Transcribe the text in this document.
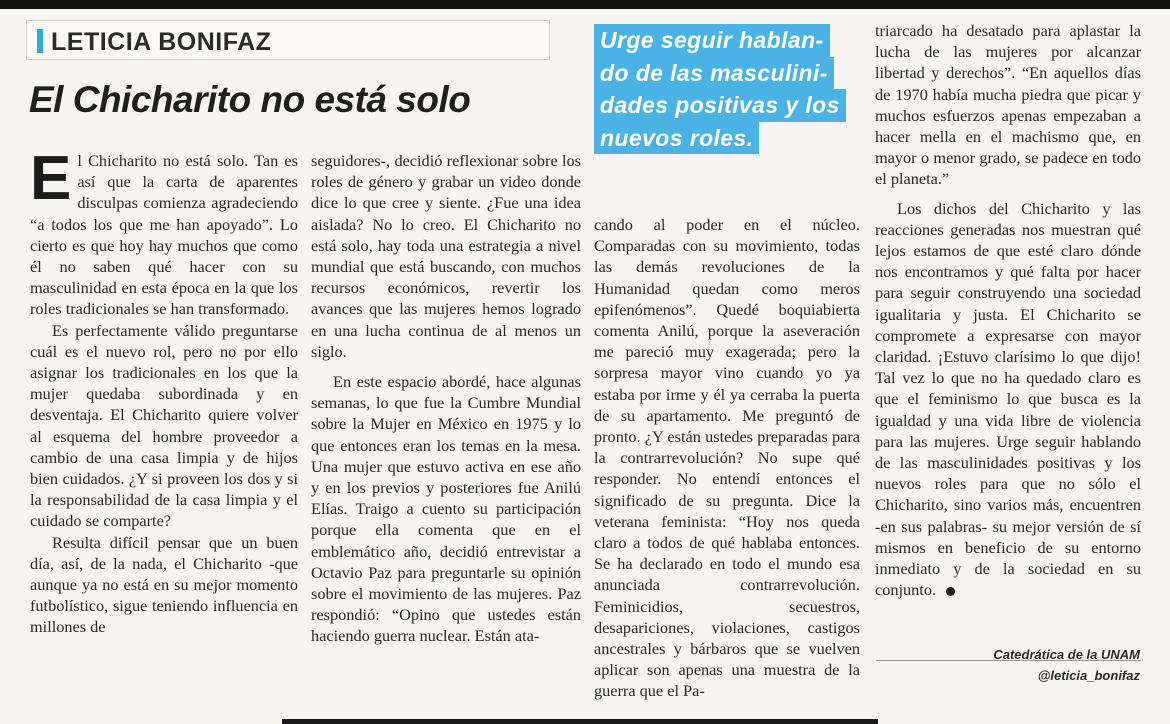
LETICIA BONIFAZ
El Chicharito no está solo

El Chicharito no está solo. Tan es así que la carta de aparentes disculpas comienza agradeciendo “a todos los que me han apoyado”. Lo cierto es que hoy hay muchos que como él no saben qué hacer con su masculinidad en esta época en la que los roles tradicionales se han transformado.

Es perfectamente válido preguntarse cuál es el nuevo rol, pero no por ello asignar los tradicionales en los que la mujer quedaba subordinada y en desventaja. El Chicharito quiere volver al esquema del hombre proveedor a cambio de una casa limpia y de hijos bien cuidados. ¿Y si proveen los dos y si la responsabilidad de la casa limpia y el cuidado se comparte?

Resulta difícil pensar que un buen día, así, de la nada, el Chicharito -que aunque ya no está en su mejor momento futbolístico, sigue teniendo influencia en millones de

seguidores-, decidió reflexionar sobre los roles de género y grabar un video donde dice lo que cree y siente. ¿Fue una idea aislada? No lo creo. El Chicharito no está solo, hay toda una estrategia a nivel mundial que está buscando, con muchos recursos económicos, revertir los avances que las mujeres hemos logrado en una lucha continua de al menos un siglo.

En este espacio abordé, hace algunas semanas, lo que fue la Cumbre Mundial sobre la Mujer en México en 1975 y lo que entonces eran los temas en la mesa. Una mujer que estuvo activa en ese año y en los previos y posteriores fue Anilú Elías. Traigo a cuento su participación porque ella comenta que en el emblemático año, decidió entrevistar a Octavio Paz para preguntarle su opinión sobre el movimiento de las mujeres. Paz respondió: “Opino que ustedes están haciendo guerra nuclear. Están ata-

Urge seguir hablan-
do de las masculini-
dades positivas y los
nuevos roles.

cando al poder en el núcleo. Comparadas con su movimiento, todas las demás revoluciones de la Humanidad quedan como meros epifenómenos”. Quedé boquiabierta comenta Anilú, porque la aseveración me pareció muy exagerada; pero la sorpresa mayor vino cuando yo ya estaba por irme y él ya cerraba la puerta de su apartamento. Me preguntó de pronto. ¿Y están ustedes preparadas para la contrarrevolución? No supe qué responder. No entendí entonces el significado de su pregunta. Dice la veterana feminista: “Hoy nos queda claro a todos de qué hablaba entonces. Se ha declarado en todo el mundo esa anunciada contrarrevolución. Feminicidios, secuestros, desapariciones, violaciones, castigos ancestrales y bárbaros que se vuelven aplicar son apenas una muestra de la guerra que el Pa-

triarcado ha desatado para aplastar la lucha de las mujeres por alcanzar libertad y derechos”. “En aquellos días de 1970 había mucha piedra que picar y muchos esfuerzos apenas empezaban a hacer mella en el machismo que, en mayor o menor grado, se padece en todo el planeta.”

Los dichos del Chicharito y las reacciones generadas nos muestran qué lejos estamos de que esté claro dónde nos encontramos y qué falta por hacer para seguir construyendo una sociedad igualitaria y justa. El Chicharito se compromete a expresarse con mayor claridad. ¡Estuvo clarísimo lo que dijo! Tal vez lo que no ha quedado claro es que el feminismo lo que busca es la igualdad y una vida libre de violencia para las mujeres. Urge seguir hablando de las masculinidades positivas y los nuevos roles para que no sólo el Chicharito, sino varios más, encuentren -en sus palabras- su mejor versión de sí mismos en beneficio de su entorno inmediato y de la sociedad en su conjunto.

Catedrática de la UNAM
@leticia_bonifaz
